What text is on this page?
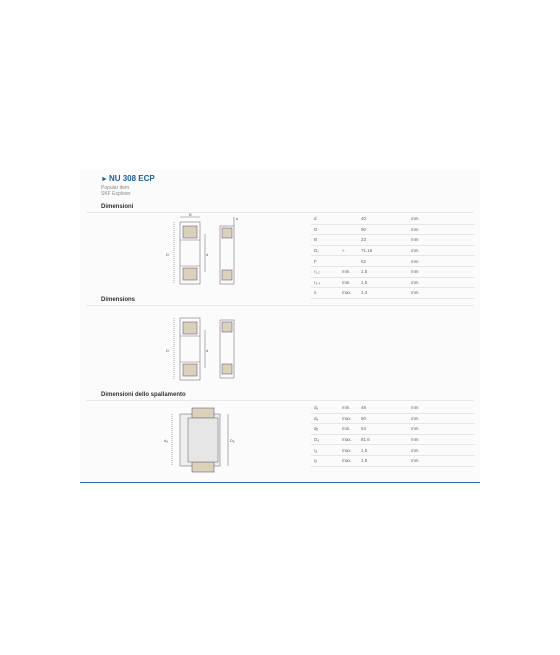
►NU 308 ECP
Popular item
SKF Explorer
Dimensioni
Dimensions
Dimensioni dello spallamento
B
D	d
s
D	d
dₐ	Dₐ
d		40	mm
D		90	mm
B		23	mm
D₁	≈	71.16	mm
F		52	mm
r₁,₂	min.	1.5	mm
r₃,₄	min.	1.5	mm
s	max.	1.4	mm
dₐ	min.	48	mm
dₐ	max.	50	mm
dᵦ	min.	54	mm
Dₐ	max.	81.6	mm
rₐ	max.	1.5	mm
rᵦ	max.	1.5	mm
